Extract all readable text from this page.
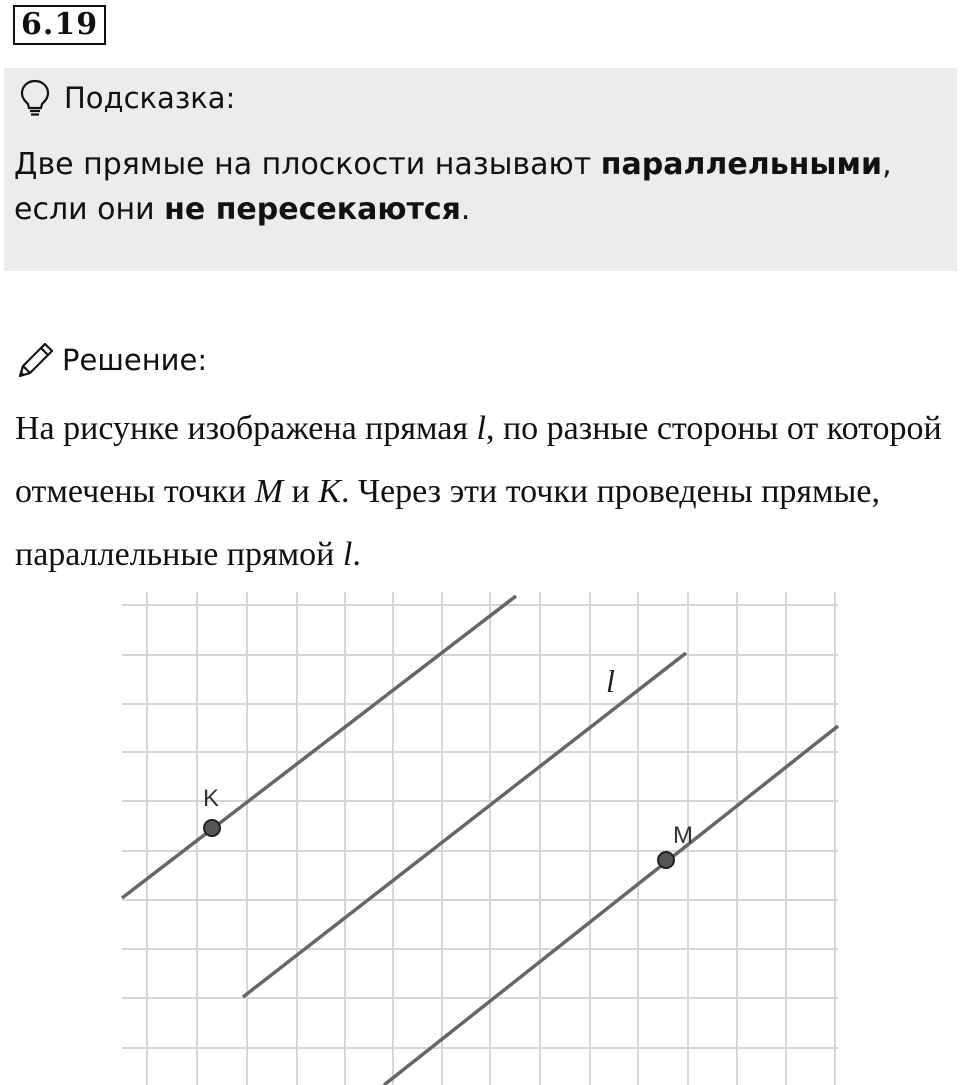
6.19
Подсказка:
Две прямые на плоскости называют параллельными, если они не пересекаются.
Решение:
На рисунке изображена прямая l, по разные стороны от которой отмечены точки M и K. Через эти точки проведены прямые, параллельные прямой l.
K
M
l
